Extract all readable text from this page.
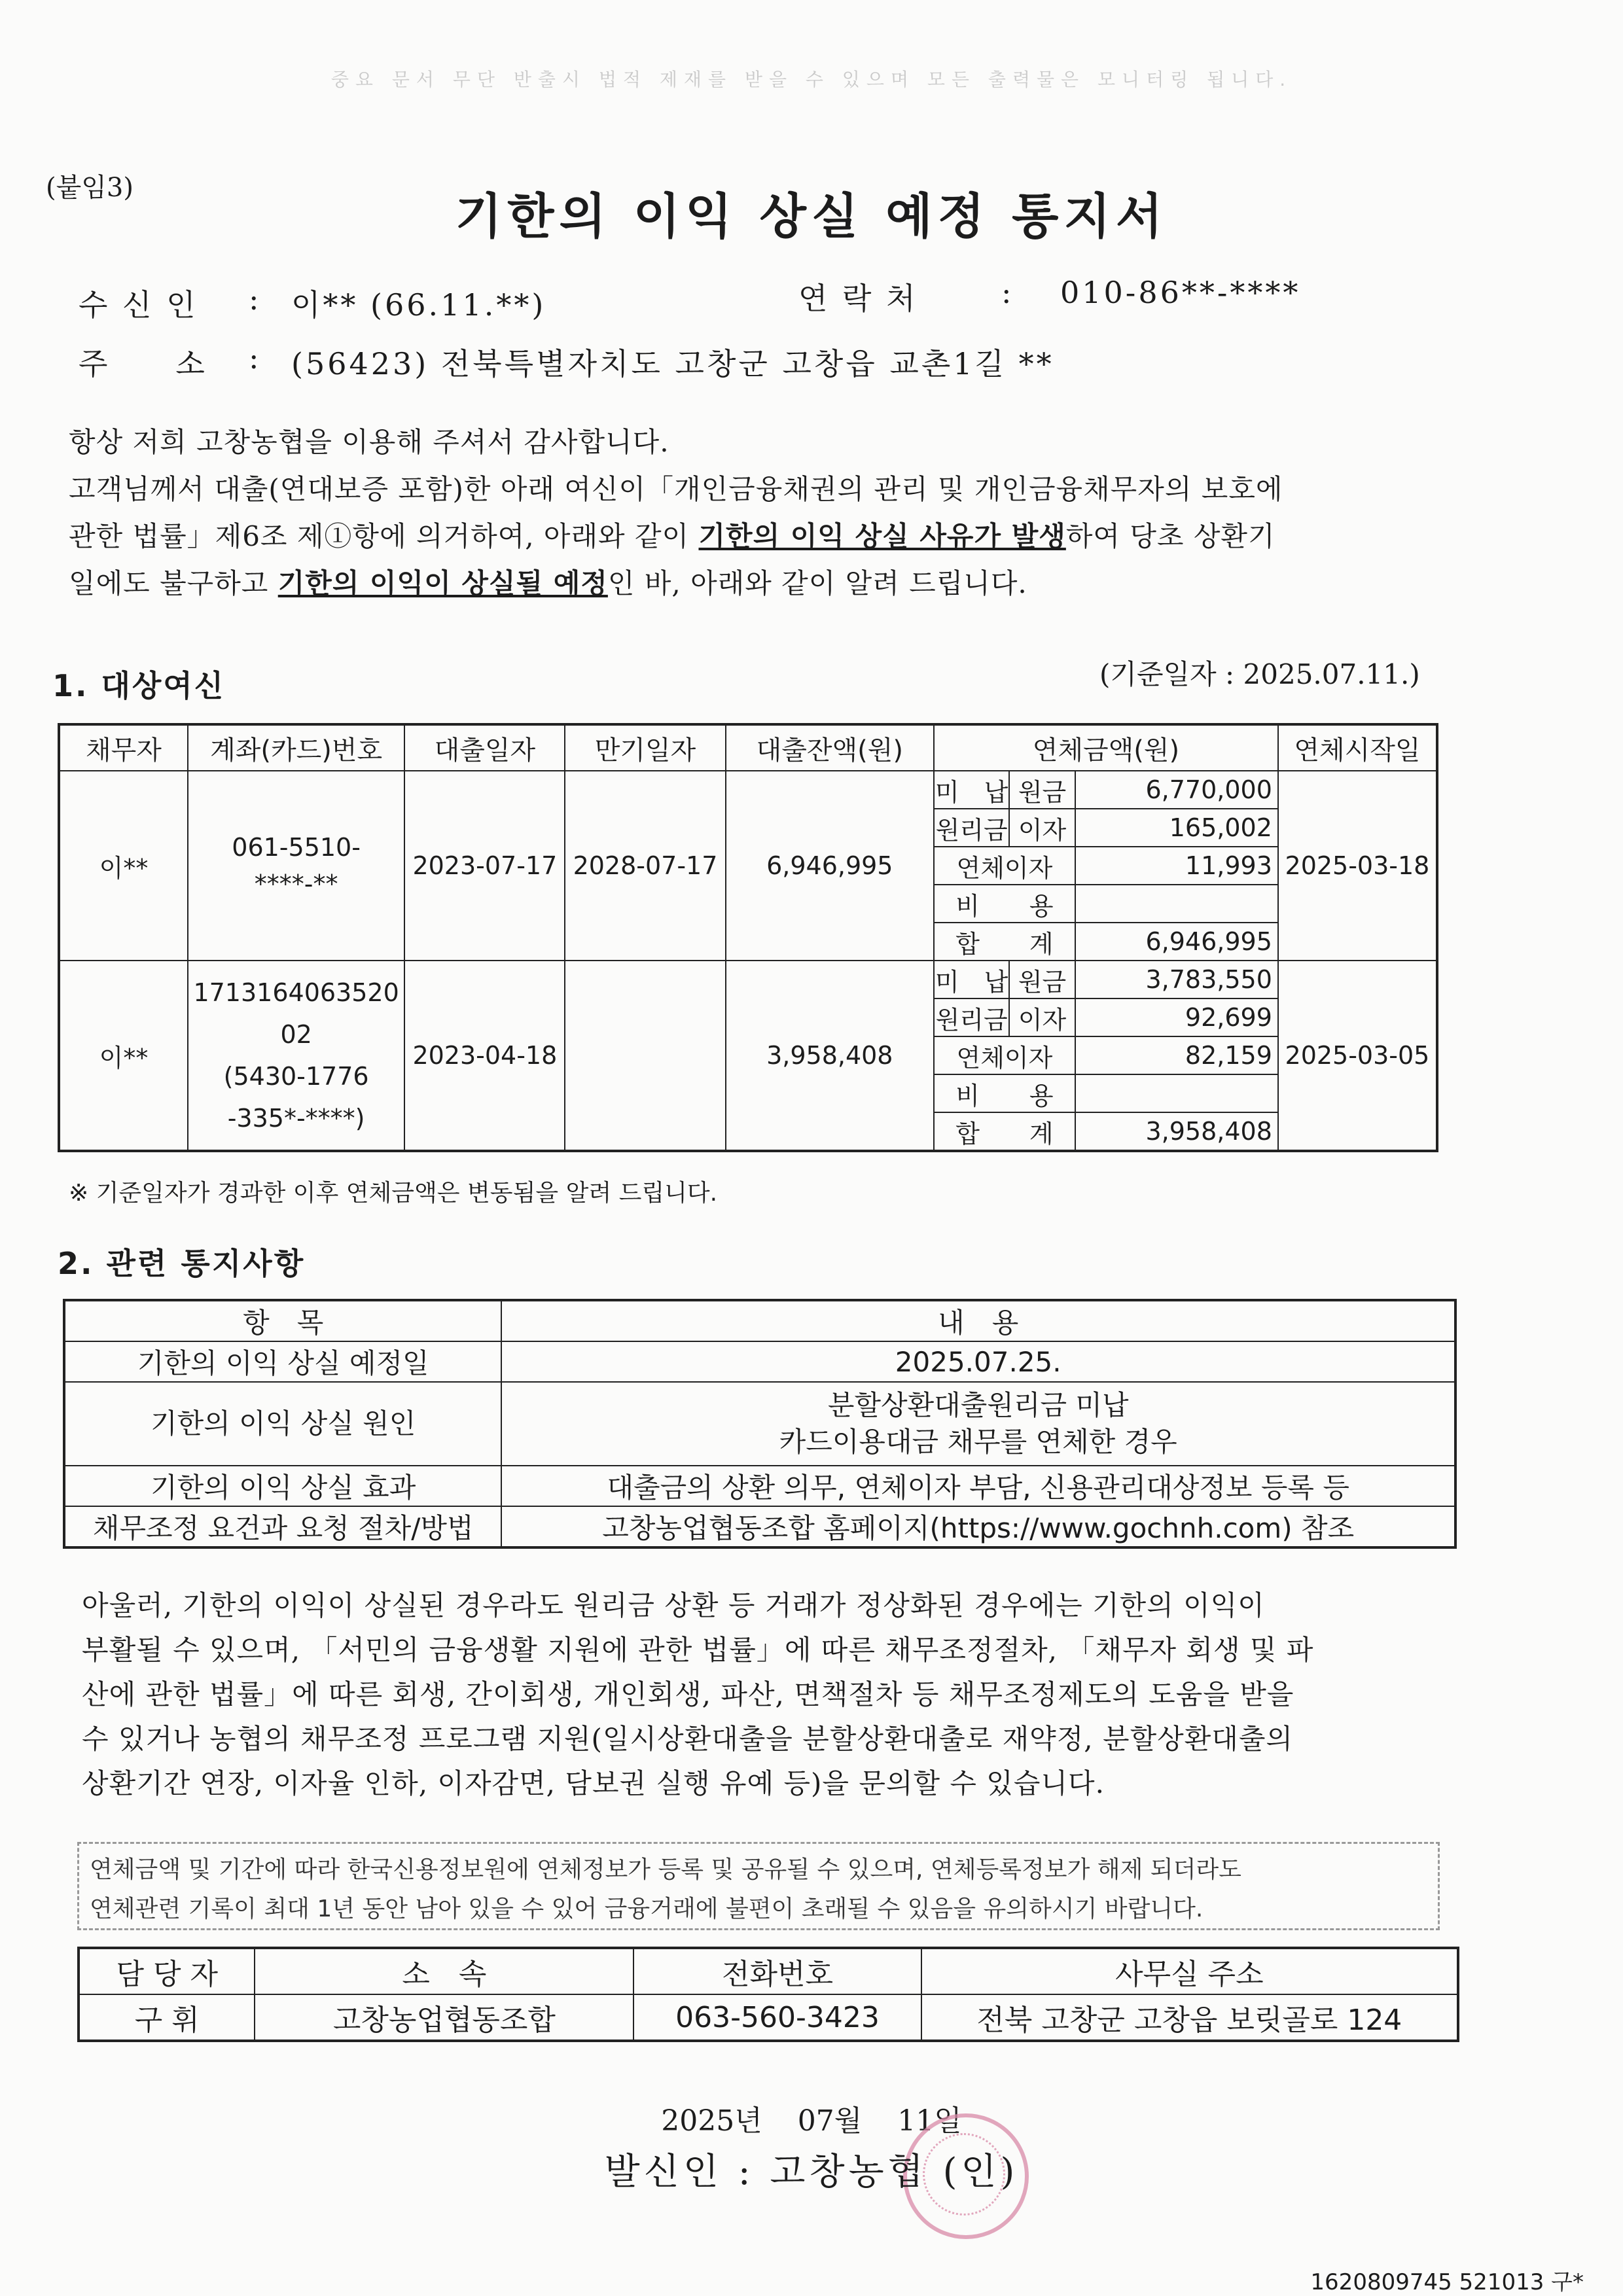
중요 문서 무단 반출시 법적 제재를 받을 수 있으며 모든 출력물은 모니터링 됩니다.
(붙임3)
기한의 이익 상실 예정 통지서
수 신 인 : 이** (66.11.**)	연 락 처	: 010-86**-****
주　　소 : (56423) 전북특별자치도 고창군 고창읍 교촌1길 **
항상 저희 고창농협을 이용해 주셔서 감사합니다.
고객님께서 대출(연대보증 포함)한 아래 여신이「개인금융채권의 관리 및 개인금융채무자의 보호에
관한 법률」제6조 제①항에 의거하여, 아래와 같이 기한의 이익 상실 사유가 발생하여 당초 상환기
일에도 불구하고 기한의 이익이 상실될 예정인 바, 아래와 같이 알려 드립니다.
1. 대상여신	(기준일자 : 2025.07.11.)
채무자	계좌(카드)번호	대출일자	만기일자	대출잔액(원)	연체금액(원)			연체시작일
이**	061-5510-
****-**	2023-07-17	2028-07-17	6,946,995	미　납	원금	6,770,000	2025-03-18
					원리금	이자	165,002	
					연체이자		11,993	
					비　　용			
					합　　계		6,946,995	
이**	1713164063520
02
(5430-1776
-335*-****)	2023-04-18		3,958,408	미　납	원금	3,783,550	2025-03-05
					원리금	이자	92,699	
					연체이자		82,159	
					비　　용			
					합　　계		3,958,408	
※ 기준일자가 경과한 이후 연체금액은 변동됨을 알려 드립니다.
2. 관련 통지사항
항　목	내　용
기한의 이익 상실 예정일	2025.07.25.
기한의 이익 상실 원인	분할상환대출원리금 미납
카드이용대금 채무를 연체한 경우

기한의 이익 상실 효과	대출금의 상환 의무, 연체이자 부담, 신용관리대상정보 등록 등
채무조정 요건과 요청 절차/방법	고창농업협동조합 홈페이지(https://www.gochnh.com) 참조
아울러, 기한의 이익이 상실된 경우라도 원리금 상환 등 거래가 정상화된 경우에는 기한의 이익이
부활될 수 있으며, 「서민의 금융생활 지원에 관한 법률」에 따른 채무조정절차, 「채무자 회생 및 파
산에 관한 법률」에 따른 회생, 간이회생, 개인회생, 파산, 면책절차 등 채무조정제도의 도움을 받을
수 있거나 농협의 채무조정 프로그램 지원(일시상환대출을 분할상환대출로 재약정, 분할상환대출의
상환기간 연장, 이자율 인하, 이자감면, 담보권 실행 유예 등)을 문의할 수 있습니다.
연체금액 및 기간에 따라 한국신용정보원에 연체정보가 등록 및 공유될 수 있으며, 연체등록정보가 해제 되더라도
연체관련 기록이 최대 1년 동안 남아 있을 수 있어 금융거래에 불편이 초래될 수 있음을 유의하시기 바랍니다.
담 당 자	소　속	전화번호	사무실 주소
구 휘	고창농업협동조합	063-560-3423	전북 고창군 고창읍 보릿골로 124
2025년 07월 11일
발신인 : 고창농협 (인)
1620809745 521013 구*
